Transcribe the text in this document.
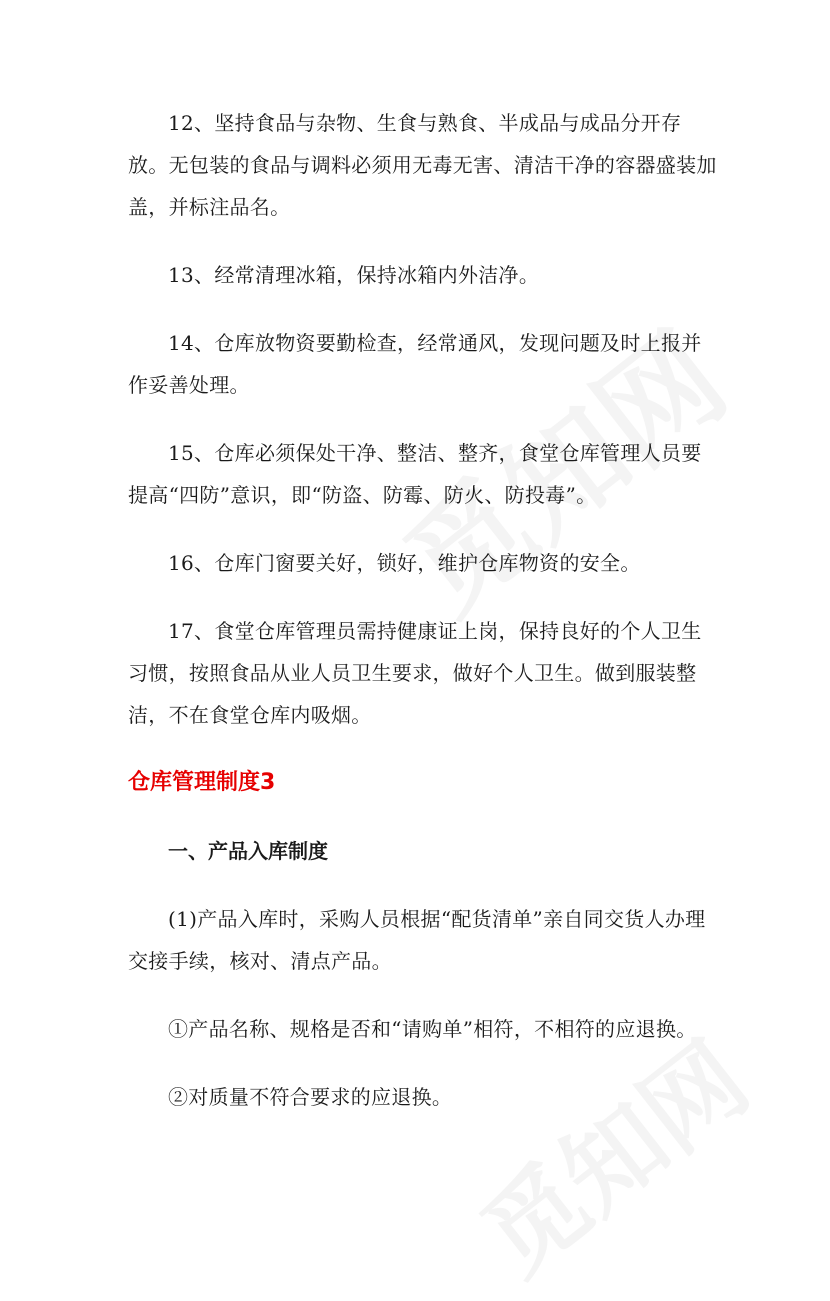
12、坚持食品与杂物、生食与熟食、半成品与成品分开存放。无包装的食品与调料必须用无毒无害、清洁干净的容器盛装加盖，并标注品名。

13、经常清理冰箱，保持冰箱内外洁净。

14、仓库放物资要勤检查，经常通风，发现问题及时上报并作妥善处理。

15、仓库必须保处干净、整洁、整齐，食堂仓库管理人员要提高“四防”意识，即“防盗、防霉、防火、防投毒”。

16、仓库门窗要关好，锁好，维护仓库物资的安全。

17、食堂仓库管理员需持健康证上岗，保持良好的个人卫生习惯，按照食品从业人员卫生要求，做好个人卫生。做到服装整洁，不在食堂仓库内吸烟。

仓库管理制度3
一、产品入库制度

(1)产品入库时，采购人员根据“配货清单”亲自同交货人办理交接手续，核对、清点产品。

①产品名称、规格是否和“请购单”相符，不相符的应退换。

②对质量不符合要求的应退换。
